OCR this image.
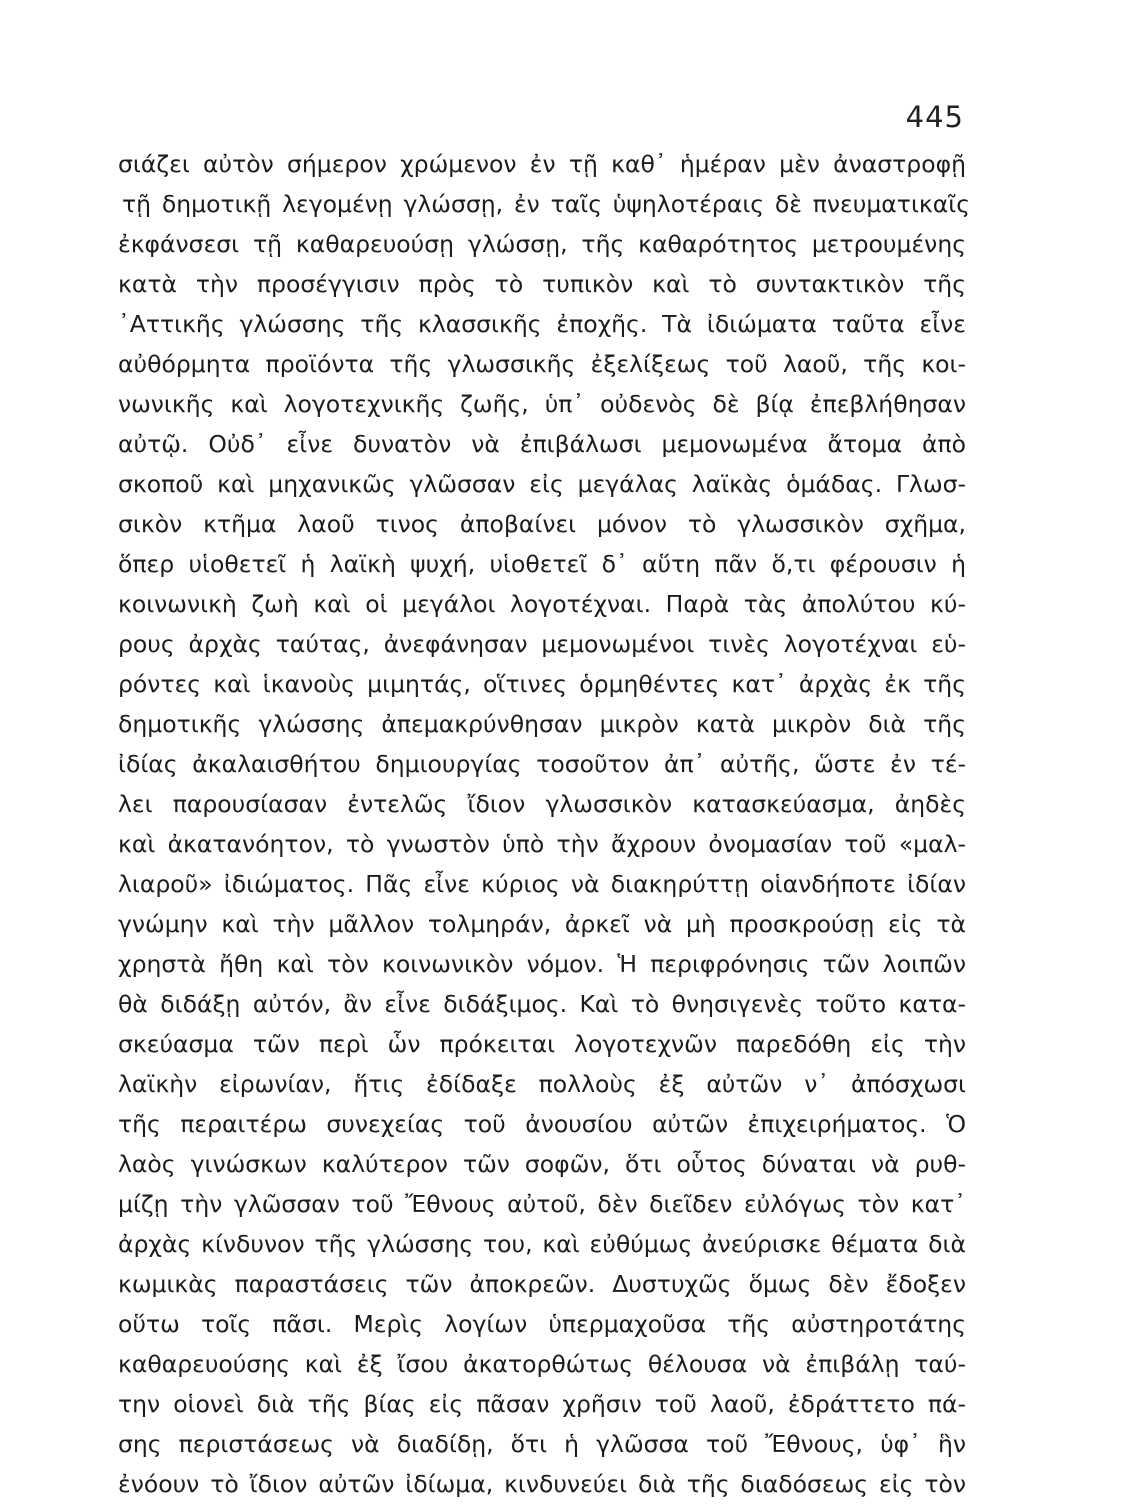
445
σιάζει αὐτὸν σήμερον χρώμενον ἐν τῇ καθ᾽ ἡμέραν μὲν ἀναστροφῇ
τῇ δημοτικῇ λεγομένῃ γλώσσῃ, ἐν ταῖς ὑψηλοτέραις δὲ πνευματικαῖς
ἐκφάνσεσι τῇ καθαρευούσῃ γλώσσῃ, τῆς καθαρότητος μετρουμένης
κατὰ τὴν προσέγγισιν πρὸς τὸ τυπικὸν καὶ τὸ συντακτικὸν τῆς
᾽Αττικῆς γλώσσης τῆς κλασσικῆς ἐποχῆς. Τὰ ἰδιώματα ταῦτα εἶνε
αὐθόρμητα προϊόντα τῆς γλωσσικῆς ἐξελίξεως τοῦ λαοῦ, τῆς κοι-
νωνικῆς καὶ λογοτεχνικῆς ζωῆς, ὑπ᾽ οὐδενὸς δὲ βίᾳ ἐπεβλήθησαν
αὐτῷ. Οὐδ᾽ εἶνε δυνατὸν νὰ ἐπιβάλωσι μεμονωμένα ἄτομα ἀπὸ
σκοποῦ καὶ μηχανικῶς γλῶσσαν εἰς μεγάλας λαϊκὰς ὁμάδας. Γλωσ-
σικὸν κτῆμα λαοῦ τινος ἀποβαίνει μόνον τὸ γλωσσικὸν σχῆμα,
ὅπερ υἱοθετεῖ ἡ λαϊκὴ ψυχή, υἱοθετεῖ δ᾽ αὕτη πᾶν ὅ,τι φέρουσιν ἡ
κοινωνικὴ ζωὴ καὶ οἱ μεγάλοι λογοτέχναι. Παρὰ τὰς ἀπολύτου κύ-
ρους ἀρχὰς ταύτας, ἀνεφάνησαν μεμονωμένοι τινὲς λογοτέχναι εὑ-
ρόντες καὶ ἱκανοὺς μιμητάς, οἵτινες ὁρμηθέντες κατ᾽ ἀρχὰς ἐκ τῆς
δημοτικῆς γλώσσης ἀπεμακρύνθησαν μικρὸν κατὰ μικρὸν διὰ τῆς
ἰδίας ἀκαλαισθήτου δημιουργίας τοσοῦτον ἀπ᾽ αὐτῆς, ὥστε ἐν τέ-
λει παρουσίασαν ἐντελῶς ἴδιον γλωσσικὸν κατασκεύασμα, ἀηδὲς
καὶ ἀκατανόητον, τὸ γνωστὸν ὑπὸ τὴν ἄχρουν ὀνομασίαν τοῦ «μαλ-
λιαροῦ» ἰδιώματος. Πᾶς εἶνε κύριος νὰ διακηρύττῃ οἱανδήποτε ἰδίαν
γνώμην καὶ τὴν μᾶλλον τολμηράν, ἀρκεῖ νὰ μὴ προσκρούσῃ εἰς τὰ
χρηστὰ ἤθη καὶ τὸν κοινωνικὸν νόμον. Ἡ περιφρόνησις τῶν λοιπῶν
θὰ διδάξῃ αὐτόν, ἂν εἶνε διδάξιμος. Καὶ τὸ θνησιγενὲς τοῦτο κατα-
σκεύασμα τῶν περὶ ὧν πρόκειται λογοτεχνῶν παρεδόθη εἰς τὴν
λαϊκὴν εἰρωνίαν, ἥτις ἐδίδαξε πολλοὺς ἐξ αὐτῶν ν᾽ ἀπόσχωσι
τῆς περαιτέρω συνεχείας τοῦ ἀνουσίου αὐτῶν ἐπιχειρήματος. Ὁ
λαὸς γινώσκων καλύτερον τῶν σοφῶν, ὅτι οὗτος δύναται νὰ ρυθ-
μίζῃ τὴν γλῶσσαν τοῦ Ἔθνους αὐτοῦ, δὲν διεῖδεν εὐλόγως τὸν κατ᾽
ἀρχὰς κίνδυνον τῆς γλώσσης του, καὶ εὐθύμως ἀνεύρισκε θέματα διὰ
κωμικὰς παραστάσεις τῶν ἀποκρεῶν. Δυστυχῶς ὅμως δὲν ἔδοξεν
οὕτω τοῖς πᾶσι. Μερὶς λογίων ὑπερμαχοῦσα τῆς αὐστηροτάτης
καθαρευούσης καὶ ἐξ ἴσου ἀκατορθώτως θέλουσα νὰ ἐπιβάλῃ ταύ-
την οἱονεὶ διὰ τῆς βίας εἰς πᾶσαν χρῆσιν τοῦ λαοῦ, ἐδράττετο πά-
σης περιστάσεως νὰ διαδίδῃ, ὅτι ἡ γλῶσσα τοῦ Ἔθνους, ὑφ᾽ ἣν
ἐνόουν τὸ ἴδιον αὐτῶν ἰδίωμα, κινδυνεύει διὰ τῆς διαδόσεως εἰς τὸν
